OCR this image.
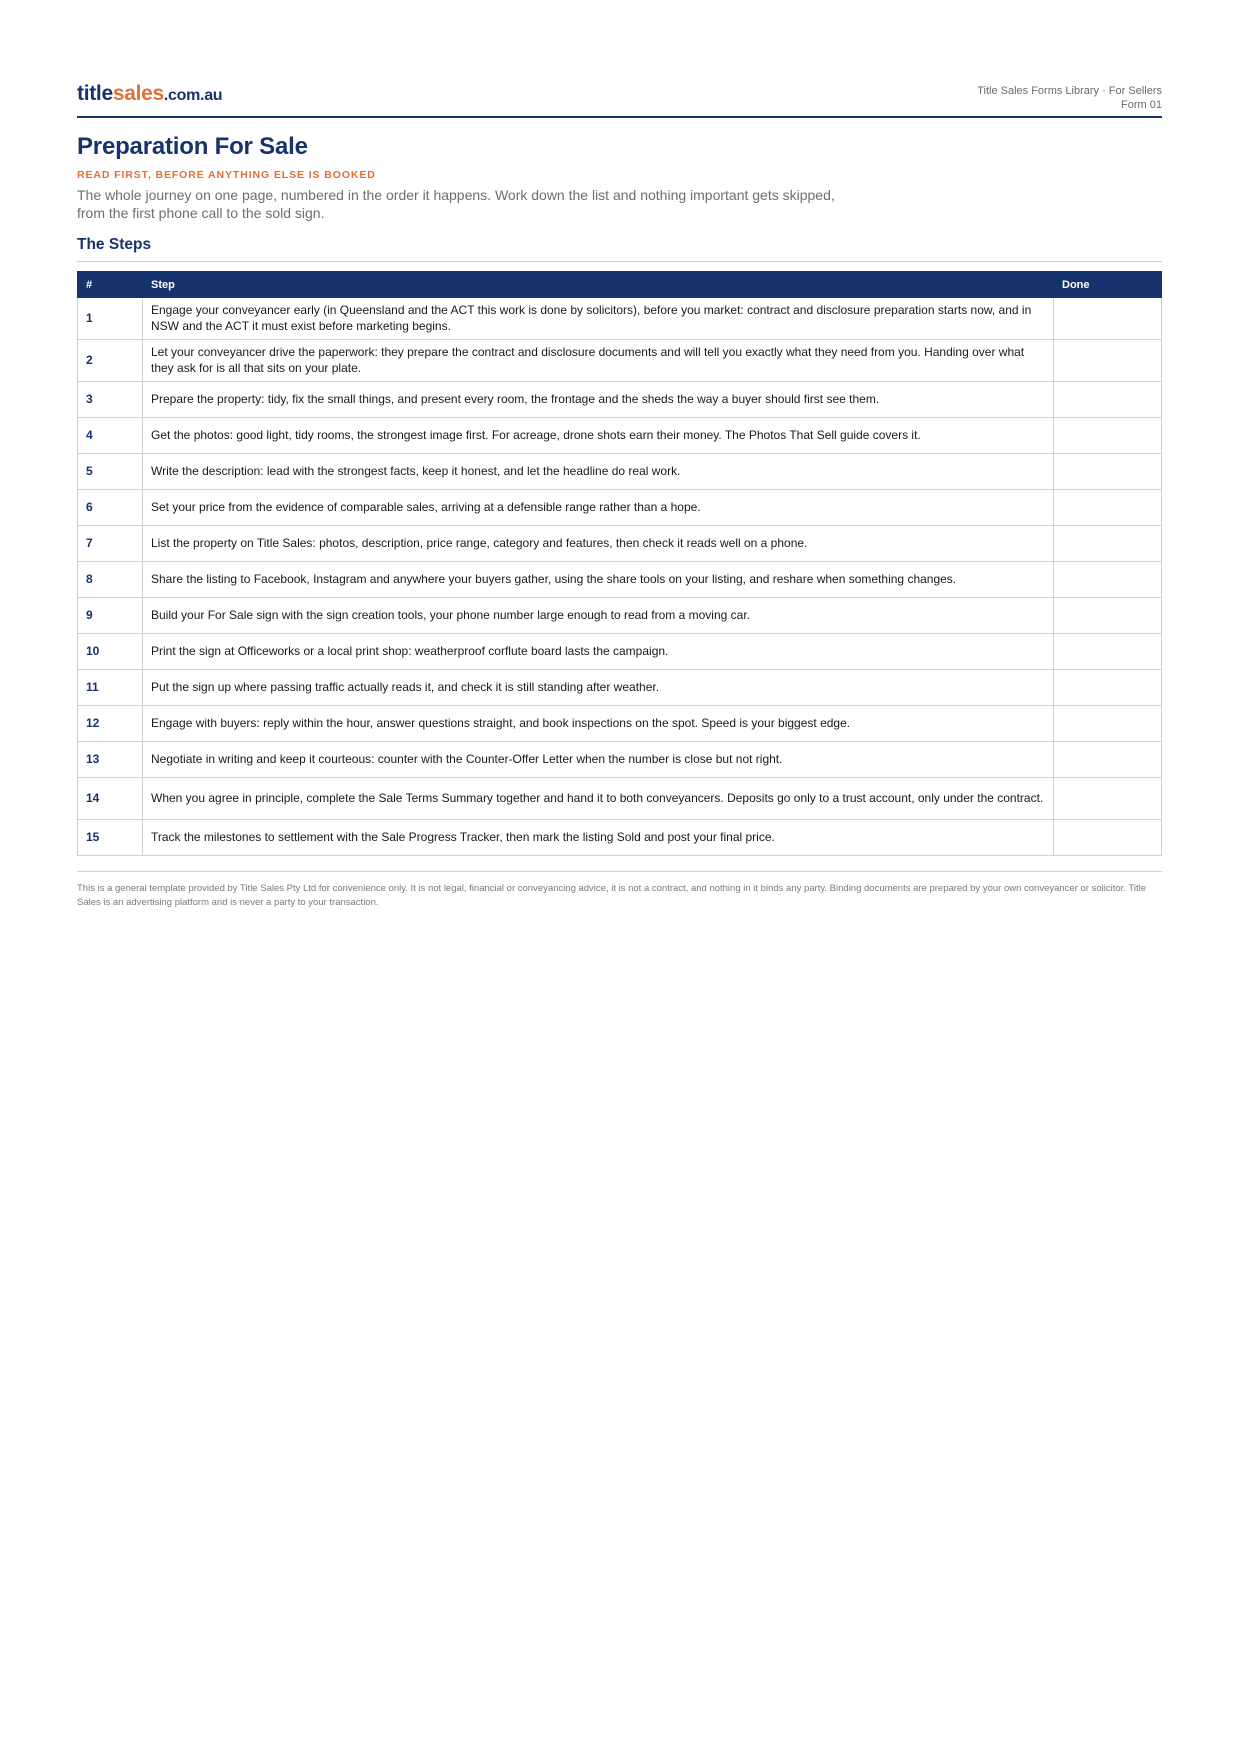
titlesales.com.au	Title Sales Forms Library · For Sellers
Form 01
Preparation For Sale
READ FIRST, BEFORE ANYTHING ELSE IS BOOKED
The whole journey on one page, numbered in the order it happens. Work down the list and nothing important gets skipped,
from the first phone call to the sold sign.
The Steps
#	Step	Done
1	Engage your conveyancer early (in Queensland and the ACT this work is done by solicitors), before you market: contract and disclosure preparation starts now, and in NSW and the ACT it must exist before marketing begins.	
2	Let your conveyancer drive the paperwork: they prepare the contract and disclosure documents and will tell you exactly what they need from you. Handing over what they ask for is all that sits on your plate.	
3	Prepare the property: tidy, fix the small things, and present every room, the frontage and the sheds the way a buyer should first see them.	
4	Get the photos: good light, tidy rooms, the strongest image first. For acreage, drone shots earn their money. The Photos That Sell guide covers it.	
5	Write the description: lead with the strongest facts, keep it honest, and let the headline do real work.	
6	Set your price from the evidence of comparable sales, arriving at a defensible range rather than a hope.	
7	List the property on Title Sales: photos, description, price range, category and features, then check it reads well on a phone.	
8	Share the listing to Facebook, Instagram and anywhere your buyers gather, using the share tools on your listing, and reshare when something changes.	
9	Build your For Sale sign with the sign creation tools, your phone number large enough to read from a moving car.	
10	Print the sign at Officeworks or a local print shop: weatherproof corflute board lasts the campaign.	
11	Put the sign up where passing traffic actually reads it, and check it is still standing after weather.	
12	Engage with buyers: reply within the hour, answer questions straight, and book inspections on the spot. Speed is your biggest edge.	
13	Negotiate in writing and keep it courteous: counter with the Counter-Offer Letter when the number is close but not right.	
14	When you agree in principle, complete the Sale Terms Summary together and hand it to both conveyancers. Deposits go only to a trust account, only under the contract.	
15	Track the milestones to settlement with the Sale Progress Tracker, then mark the listing Sold and post your final price.	
This is a general template provided by Title Sales Pty Ltd for convenience only. It is not legal, financial or conveyancing advice, it is not a contract, and nothing in it binds any party. Binding documents are prepared by your own conveyancer or solicitor. Title Sales is an advertising platform and is never a party to your transaction.
